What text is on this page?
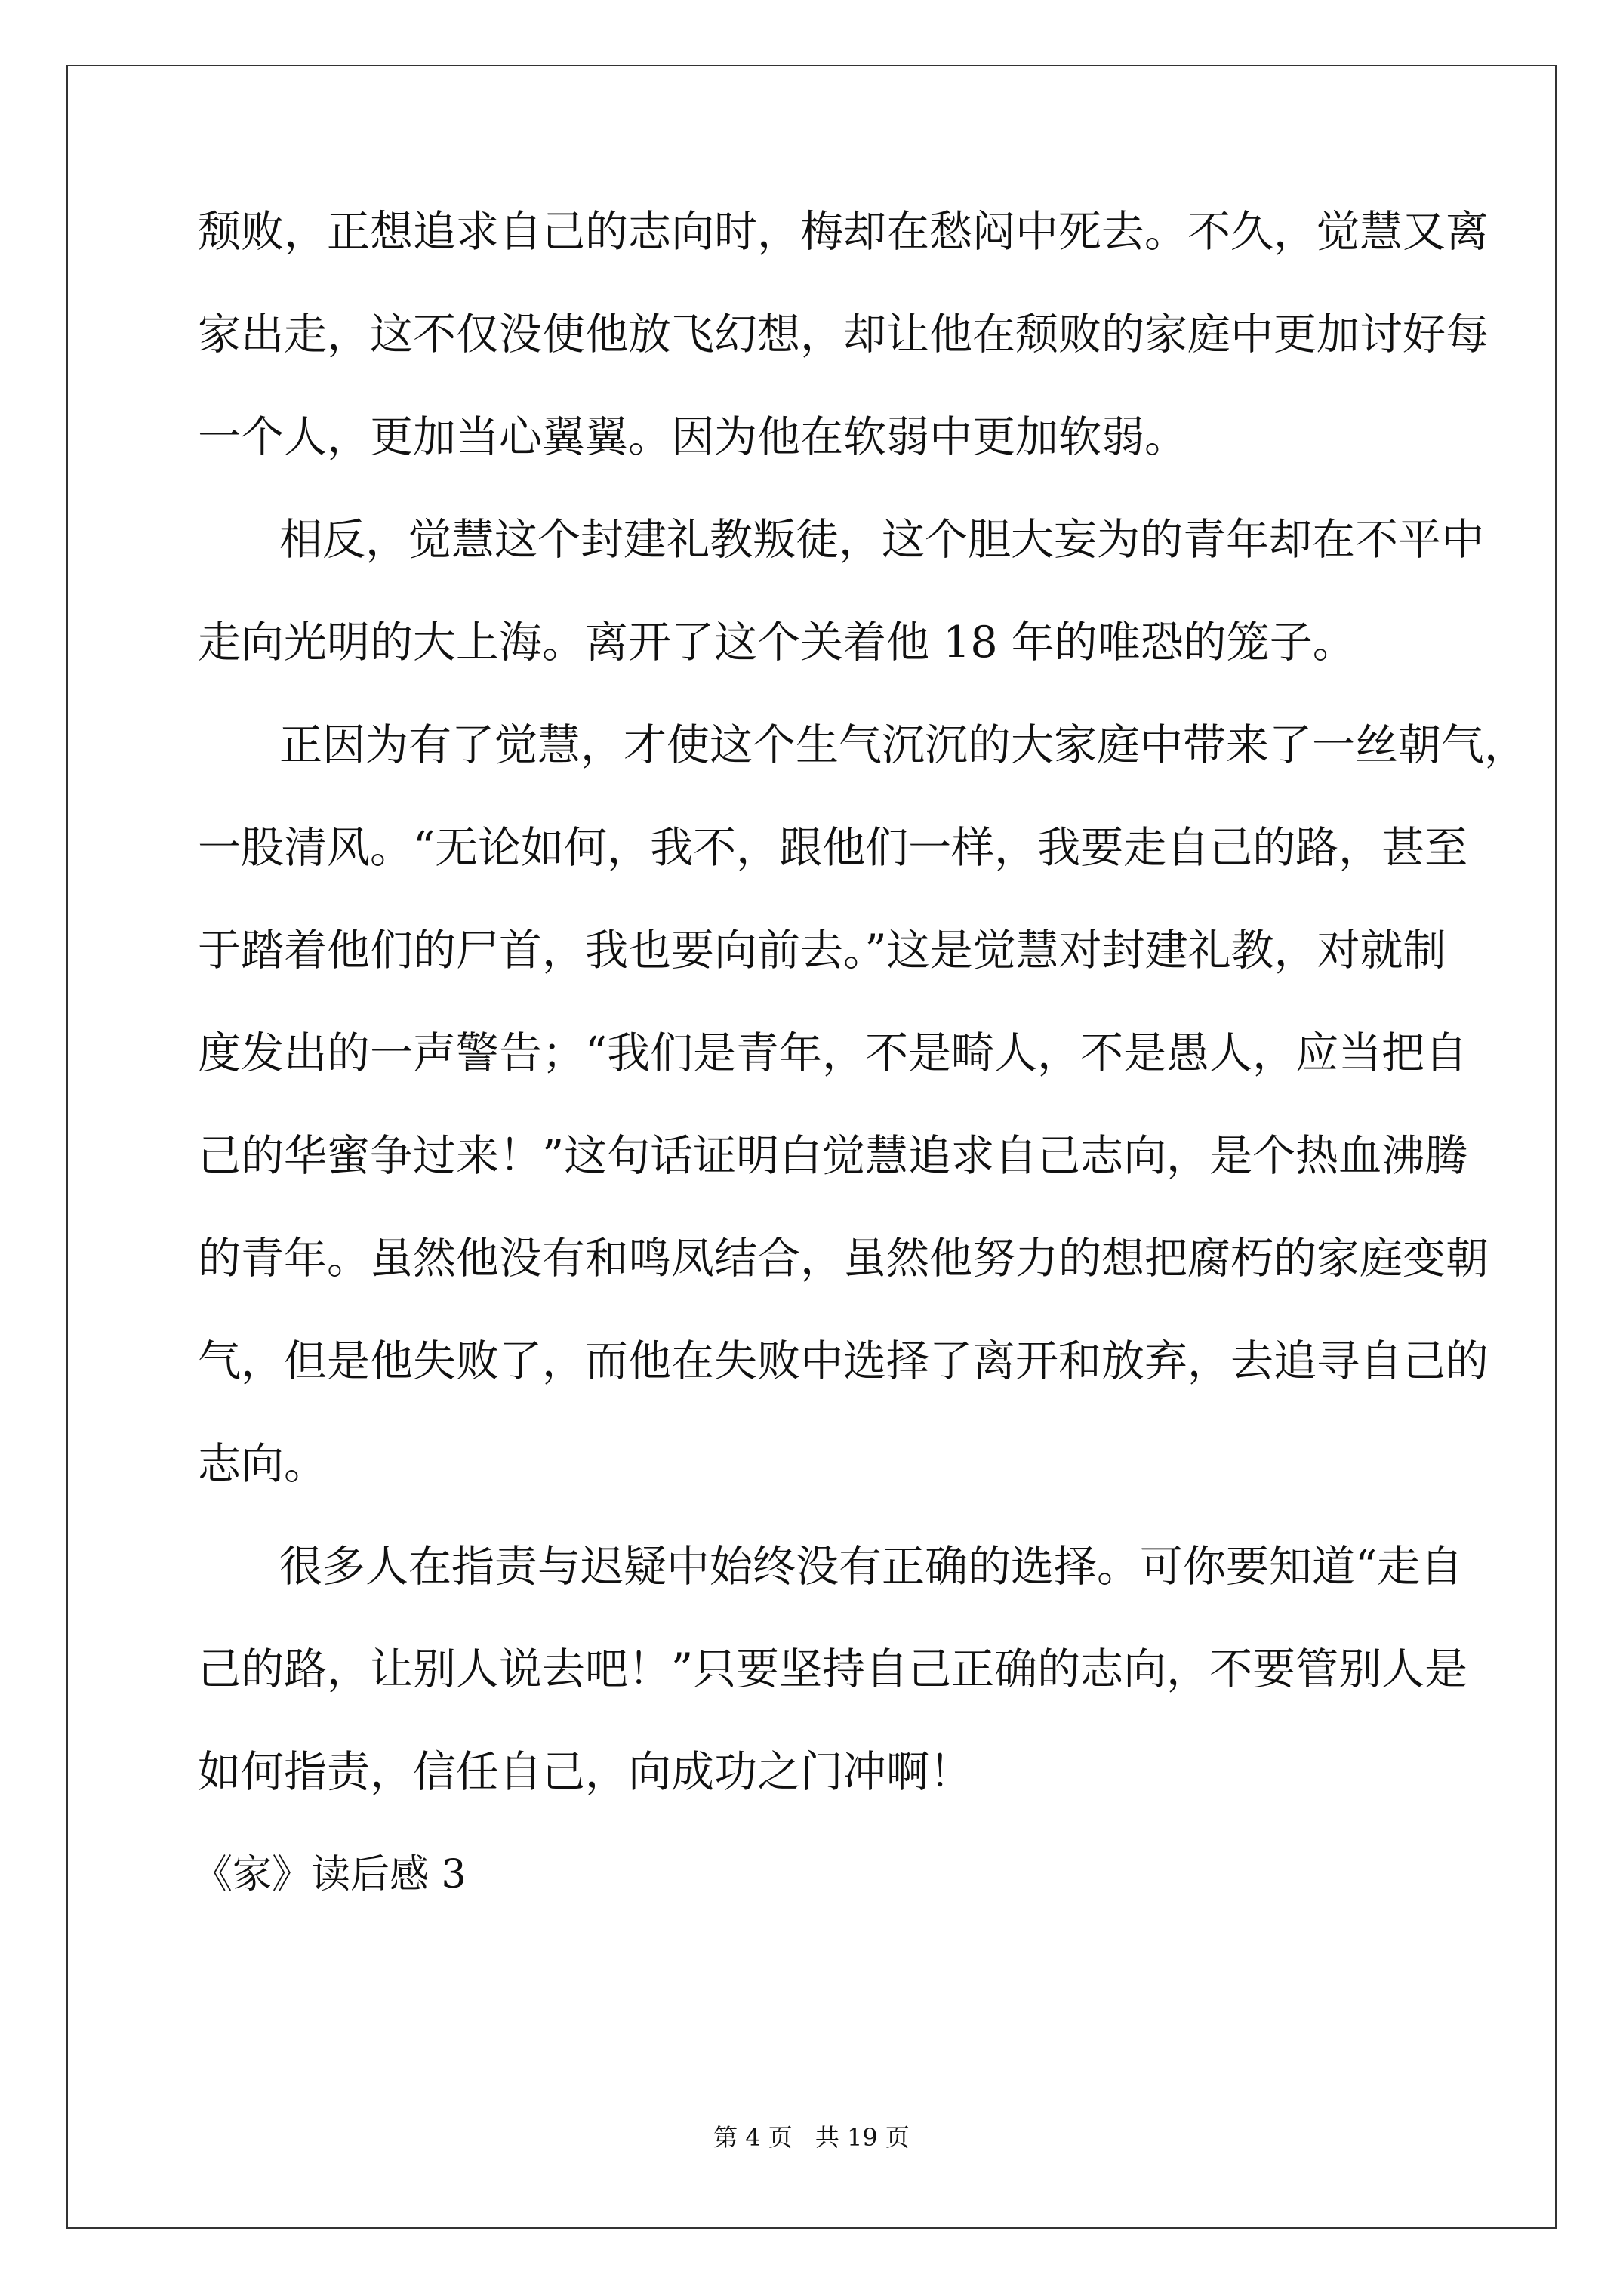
颓败，正想追求自己的志向时，梅却在愁闷中死去。不久，觉慧又离
家出走，这不仅没使他放飞幻想，却让他在颓败的家庭中更加讨好每
一个人，更加当心翼翼。因为他在软弱中更加软弱。
相反，觉慧这个封建礼教叛徒，这个胆大妄为的青年却在不平中
走向光明的大上海。离开了这个关着他 18 年的唯恐的笼子。
正因为有了觉慧，才使这个生气沉沉的大家庭中带来了一丝朝气，
一股清风。“无论如何，我不，跟他们一样，我要走自己的路，甚至
于踏着他们的尸首，我也要向前去。”这是觉慧对封建礼教，对就制
度发出的一声警告；“我们是青年，不是畸人，不是愚人，应当把自
己的华蜜争过来！”这句话证明白觉慧追求自己志向，是个热血沸腾
的青年。虽然他没有和鸣凤结合，虽然他努力的想把腐朽的家庭变朝
气，但是他失败了，而他在失败中选择了离开和放弃，去追寻自己的
志向。
很多人在指责与迟疑中始终没有正确的选择。可你要知道“走自
己的路，让别人说去吧！”只要坚持自己正确的志向，不要管别人是
如何指责，信任自己，向成功之门冲啊！
《家》读后感 3
第 4 页 共 19 页
